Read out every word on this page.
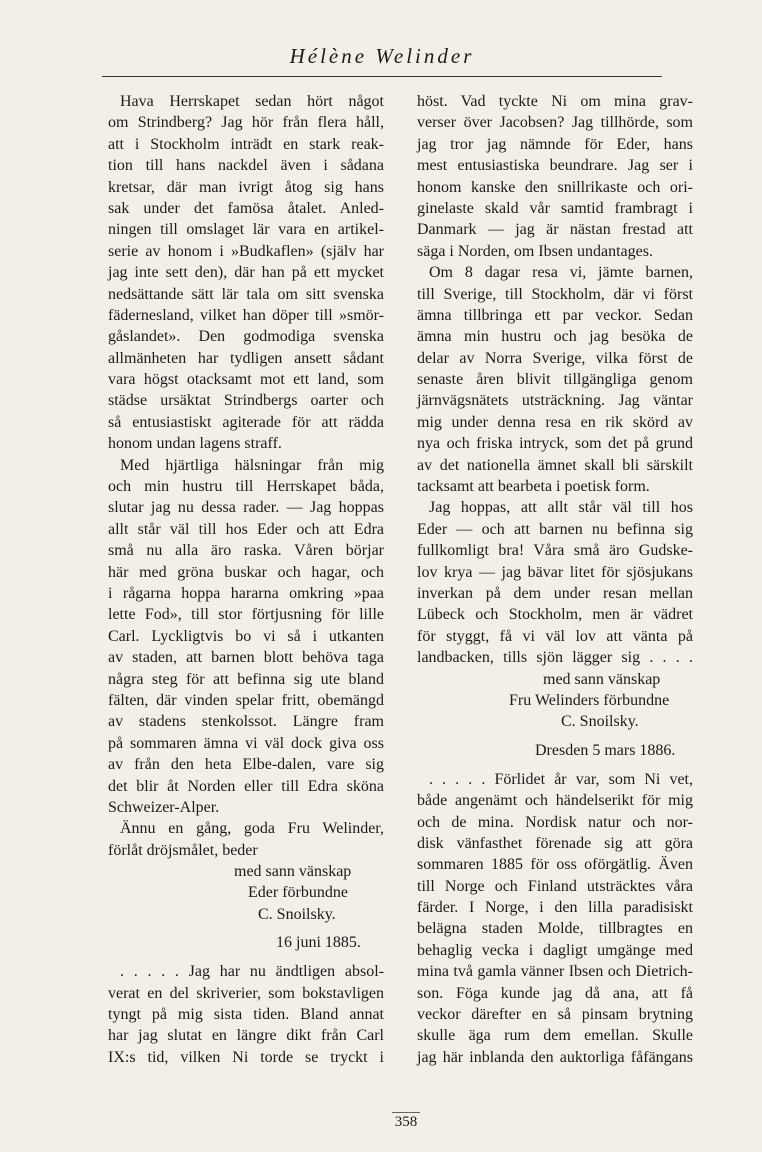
Hélène Welinder
Hava Herrskapet sedan hört något
om Strindberg? Jag hör från flera håll,
att i Stockholm inträdt en stark reak-
tion till hans nackdel även i sådana
kretsar, där man ivrigt åtog sig hans
sak under det famösa åtalet. Anled-
ningen till omslaget lär vara en artikel-
serie av honom i »Budkaflen» (själv har
jag inte sett den), där han på ett mycket
nedsättande sätt lär tala om sitt svenska
fädernesland, vilket han döper till »smör-
gåslandet». Den godmodiga svenska
allmänheten har tydligen ansett sådant
vara högst otacksamt mot ett land, som
städse ursäktat Strindbergs oarter och
så entusiastiskt agiterade för att rädda
honom undan lagens straff.
Med hjärtliga hälsningar från mig
och min hustru till Herrskapet båda,
slutar jag nu dessa rader. — Jag hoppas
allt står väl till hos Eder och att Edra
små nu alla äro raska. Våren börjar
här med gröna buskar och hagar, och
i rågarna hoppa hararna omkring »paa
lette Fod», till stor förtjusning för lille
Carl. Lyckligtvis bo vi så i utkanten
av staden, att barnen blott behöva taga
några steg för att befinna sig ute bland
fälten, där vinden spelar fritt, obemängd
av stadens stenkolssot. Längre fram
på sommaren ämna vi väl dock giva oss
av från den heta Elbe-dalen, vare sig
det blir åt Norden eller till Edra sköna
Schweizer-Alper.
Ännu en gång, goda Fru Welinder,
förlåt dröjsmålet, beder
med sann vänskap
Eder förbundne
C. Snoilsky.
16 juni 1885.
. . . . . Jag har nu ändtligen absol-
verat en del skriverier, som bokstavligen
tyngt på mig sista tiden. Bland annat
har jag slutat en längre dikt från Carl
IX:s tid, vilken Ni torde se tryckt i
höst. Vad tyckte Ni om mina grav-
verser över Jacobsen? Jag tillhörde, som
jag tror jag nämnde för Eder, hans
mest entusiastiska beundrare. Jag ser i
honom kanske den snillrikaste och ori-
ginelaste skald vår samtid frambragt i
Danmark — jag är nästan frestad att
säga i Norden, om Ibsen undantages.
Om 8 dagar resa vi, jämte barnen,
till Sverige, till Stockholm, där vi först
ämna tillbringa ett par veckor. Sedan
ämna min hustru och jag besöka de
delar av Norra Sverige, vilka först de
senaste åren blivit tillgängliga genom
järnvägsnätets utsträckning. Jag väntar
mig under denna resa en rik skörd av
nya och friska intryck, som det på grund
av det nationella ämnet skall bli särskilt
tacksamt att bearbeta i poetisk form.
Jag hoppas, att allt står väl till hos
Eder — och att barnen nu befinna sig
fullkomligt bra! Våra små äro Gudske-
lov krya — jag bävar litet för sjösjukans
inverkan på dem under resan mellan
Lübeck och Stockholm, men är vädret
för styggt, få vi väl lov att vänta på
landbacken, tills sjön lägger sig . . . .
med sann vänskap
Fru Welinders förbundne
C. Snoilsky.
Dresden 5 mars 1886.
. . . . . Förlidet år var, som Ni vet,
både angenämt och händelserikt för mig
och de mina. Nordisk natur och nor-
disk vänfasthet förenade sig att göra
sommaren 1885 för oss oförgätlig. Även
till Norge och Finland utsträcktes våra
färder. I Norge, i den lilla paradisiskt
belägna staden Molde, tillbragtes en
behaglig vecka i dagligt umgänge med
mina två gamla vänner Ibsen och Dietrich-
son. Föga kunde jag då ana, att få
veckor därefter en så pinsam brytning
skulle äga rum dem emellan. Skulle
jag här inblanda den auktorliga fåfängans
358
